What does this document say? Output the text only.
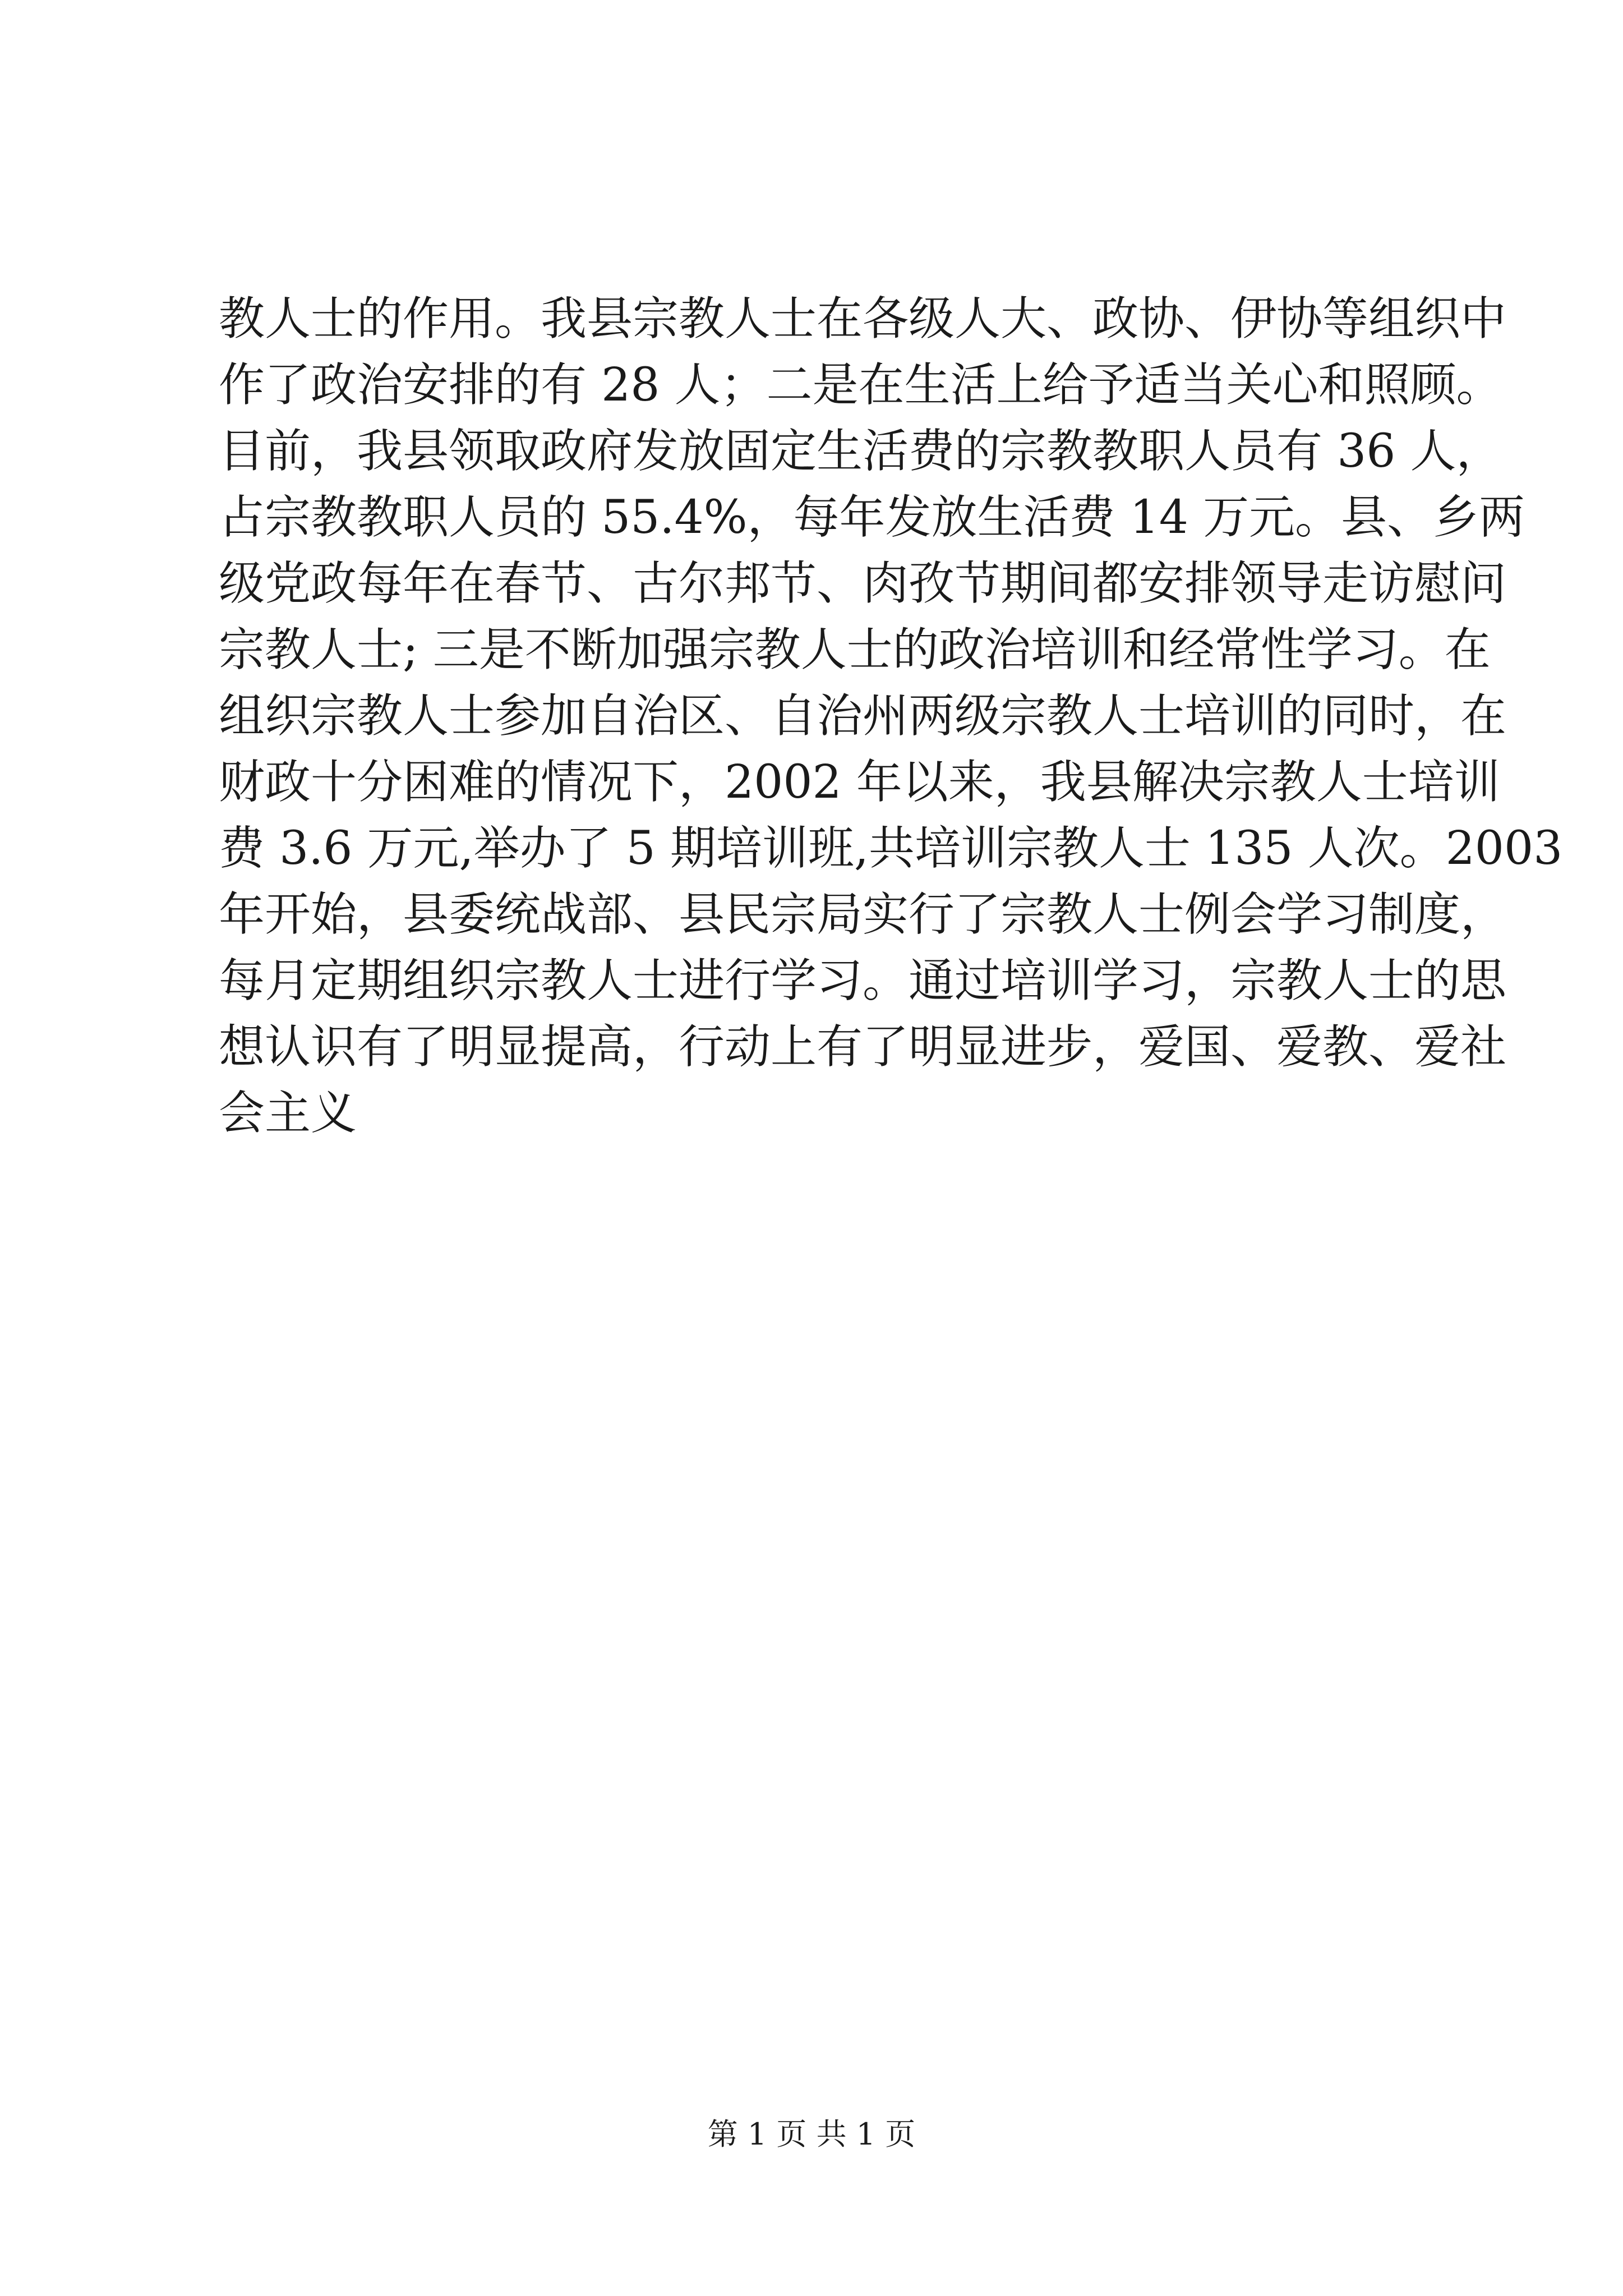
教人士的作用。我县宗教人士在各级人大、政协、伊协等组织中
作了政治安排的有 28 人；二是在生活上给予适当关心和照顾。
目前，我县领取政府发放固定生活费的宗教教职人员有 36 人，
占宗教教职人员的 55.4%，每年发放生活费 14 万元。县、乡两
级党政每年在春节、古尔邦节、肉孜节期间都安排领导走访慰问
宗教人士; 三是不断加强宗教人士的政治培训和经常性学习。在
组织宗教人士参加自治区、自治州两级宗教人士培训的同时，在
财政十分困难的情况下，2002 年以来，我县解决宗教人士培训
费 3.6 万元,举办了 5 期培训班,共培训宗教人士 135 人次。2003
年开始，县委统战部、县民宗局实行了宗教人士例会学习制度，
每月定期组织宗教人士进行学习。通过培训学习，宗教人士的思
想认识有了明显提高，行动上有了明显进步，爱国、爱教、爱社
会主义
第 1 页 共 1 页
